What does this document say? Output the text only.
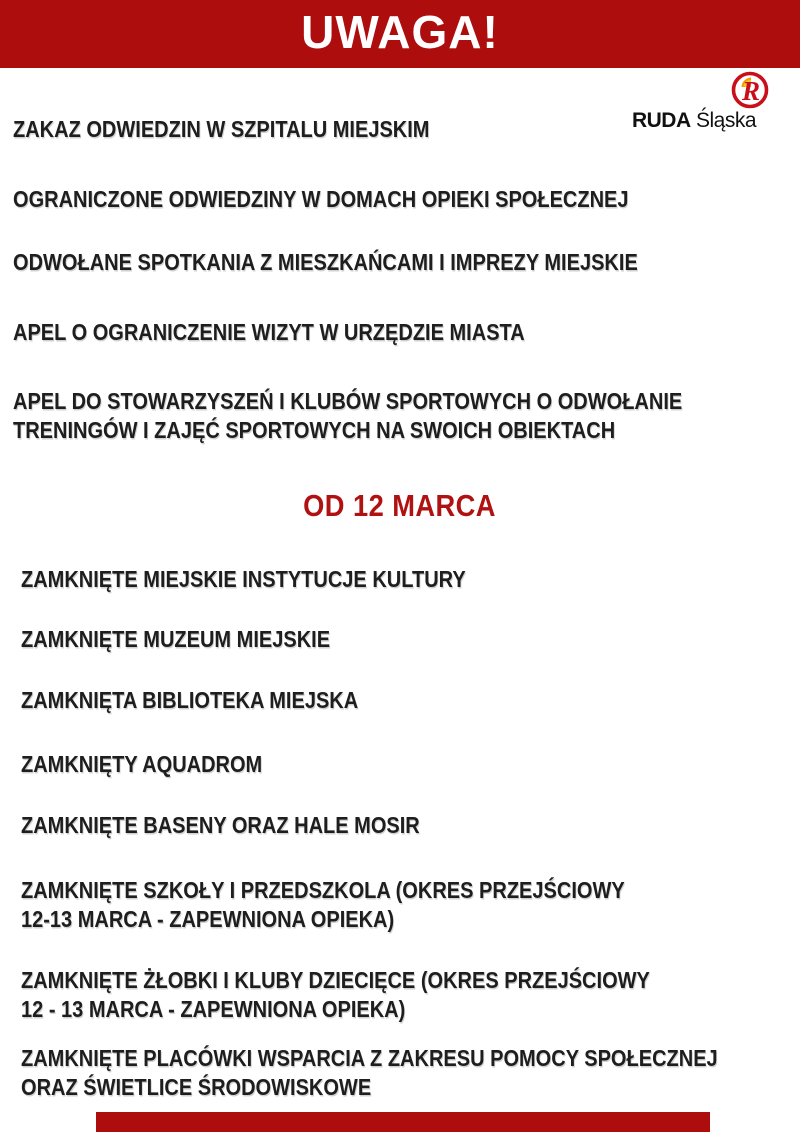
UWAGA!
R
RUDA Śląska
ZAKAZ ODWIEDZIN W SZPITALU MIEJSKIM
OGRANICZONE ODWIEDZINY W DOMACH OPIEKI SPOŁECZNEJ
ODWOŁANE SPOTKANIA Z MIESZKAŃCAMI I IMPREZY MIEJSKIE
APEL O OGRANICZENIE WIZYT W URZĘDZIE MIASTA
APEL DO STOWARZYSZEŃ I KLUBÓW SPORTOWYCH O ODWOŁANIE
TRENINGÓW I ZAJĘĆ SPORTOWYCH NA SWOICH OBIEKTACH
OD 12 MARCA
ZAMKNIĘTE MIEJSKIE INSTYTUCJE KULTURY
ZAMKNIĘTE MUZEUM MIEJSKIE
ZAMKNIĘTA BIBLIOTEKA MIEJSKA
ZAMKNIĘTY AQUADROM
ZAMKNIĘTE BASENY ORAZ HALE MOSIR
ZAMKNIĘTE SZKOŁY I PRZEDSZKOLA (OKRES PRZEJŚCIOWY
12-13 MARCA - ZAPEWNIONA OPIEKA)
ZAMKNIĘTE ŻŁOBKI I KLUBY DZIECIĘCE (OKRES PRZEJŚCIOWY
12 - 13 MARCA - ZAPEWNIONA OPIEKA)
ZAMKNIĘTE PLACÓWKI WSPARCIA Z ZAKRESU POMOCY SPOŁECZNEJ
ORAZ ŚWIETLICE ŚRODOWISKOWE
